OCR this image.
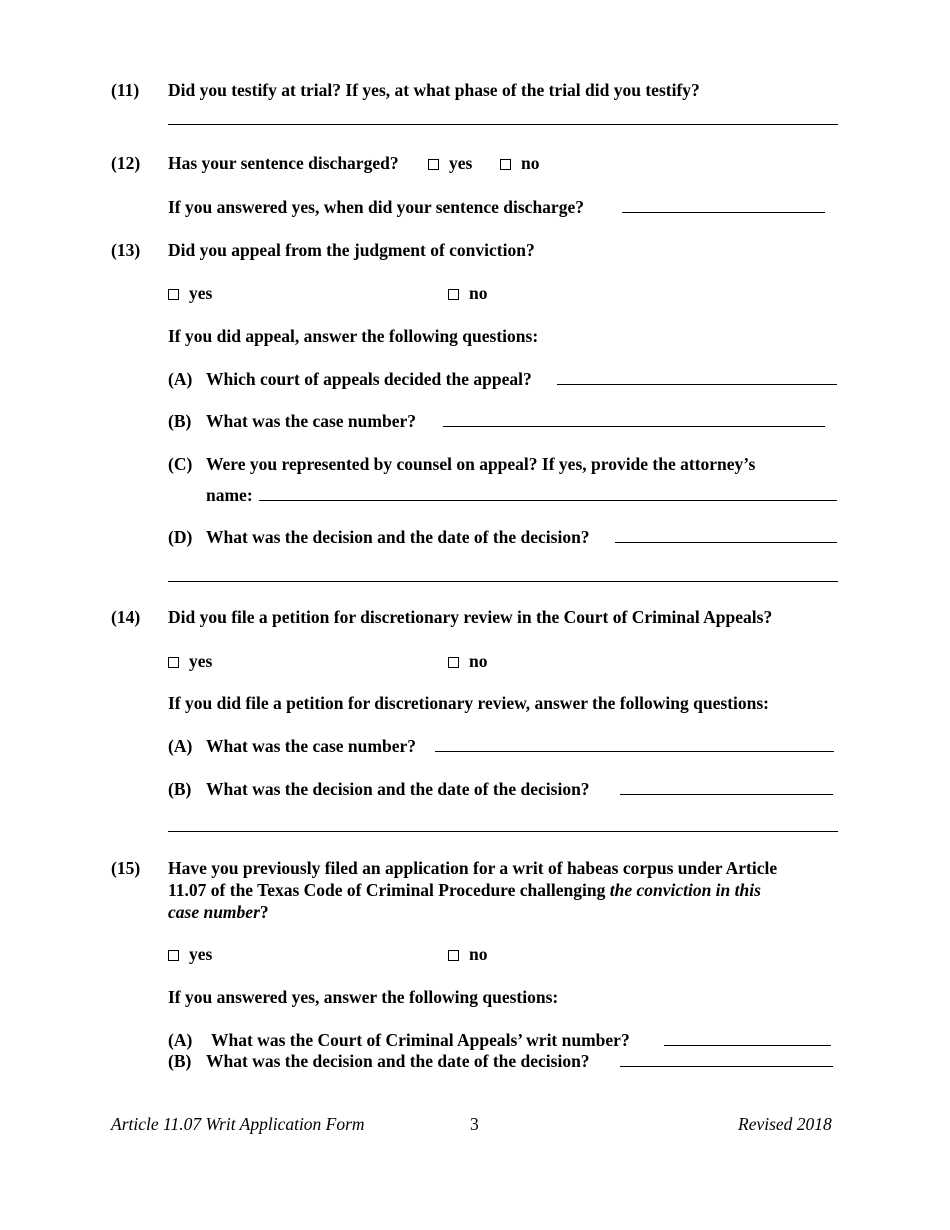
(11) Did you testify at trial? If yes, at what phase of the trial did you testify?
(12) Has your sentence discharged?	yes	no
If you answered yes, when did your sentence discharge?
(13) Did you appeal from the judgment of conviction?
yes	no
If you did appeal, answer the following questions:
(A) Which court of appeals decided the appeal?
(B) What was the case number?
(C) Were you represented by counsel on appeal? If yes, provide the attorney’s
name:
(D) What was the decision and the date of the decision?
(14) Did you file a petition for discretionary review in the Court of Criminal Appeals?
yes	no
If you did file a petition for discretionary review, answer the following questions:
(A) What was the case number?
(B) What was the decision and the date of the decision?
(15) Have you previously filed an application for a writ of habeas corpus under Article
11.07 of the Texas Code of Criminal Procedure challenging the conviction in this
case number?
yes	no
If you answered yes, answer the following questions:
(A) What was the Court of Criminal Appeals’ writ number?
(B) What was the decision and the date of the decision?
Article 11.07 Writ Application Form	3	Revised 2018
